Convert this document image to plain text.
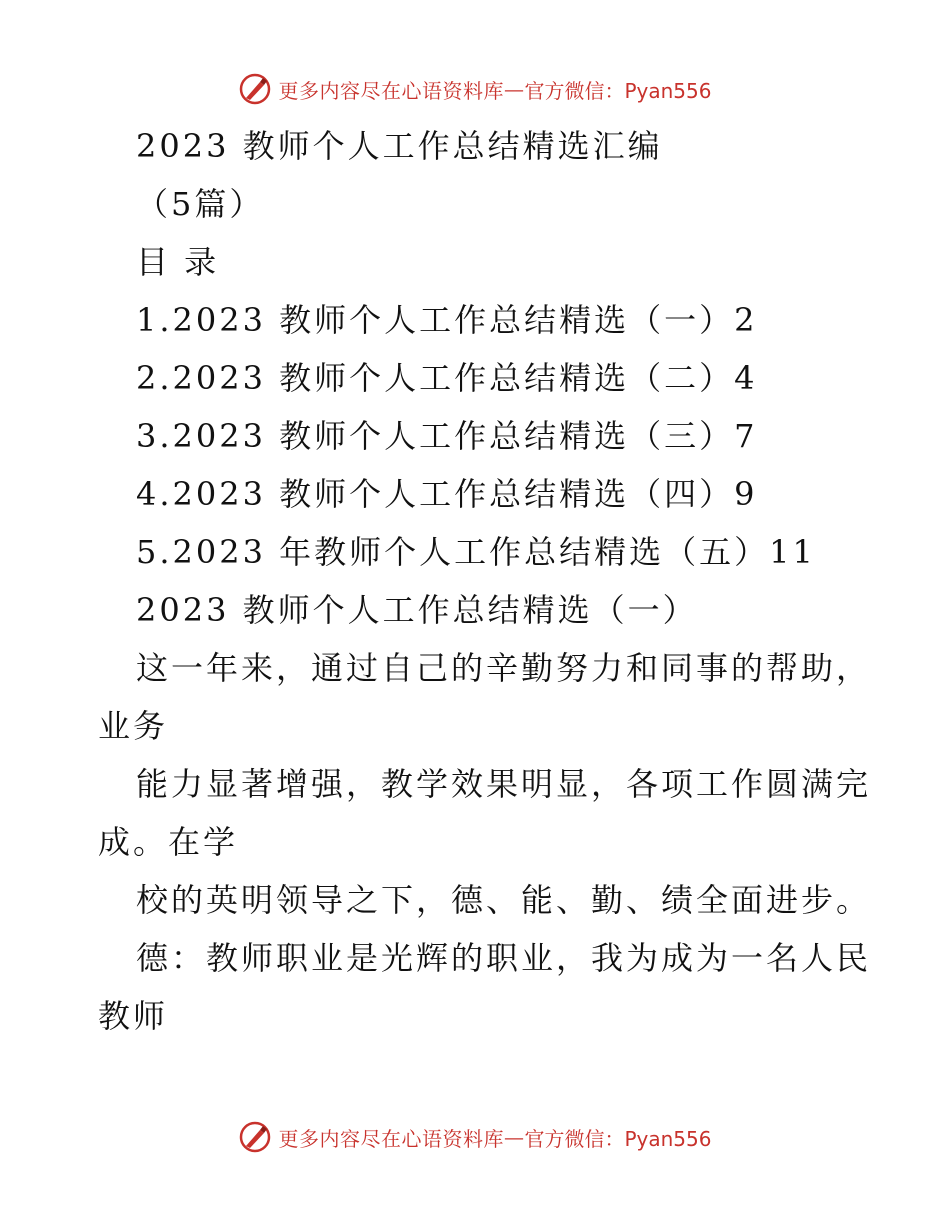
更多内容尽在心语资料库 — 官方微信：Pyan556
2023 教师个人工作总结精选汇编
（5篇）
目 录
1.2023 教师个人工作总结精选（一）2
2.2023 教师个人工作总结精选（二）4
3.2023 教师个人工作总结精选（三）7
4.2023 教师个人工作总结精选（四）9
5.2023 年教师个人工作总结精选（五）11
2023 教师个人工作总结精选（一）
这一年来，通过自己的辛勤努力和同事的帮助，
业务
能力显著增强，教学效果明显，各项工作圆满完
成。在学
校的英明领导之下，德、能、勤、绩全面进步。
德：教师职业是光辉的职业，我为成为一名人民
教师
更多内容尽在心语资料库 — 官方微信：Pyan556
